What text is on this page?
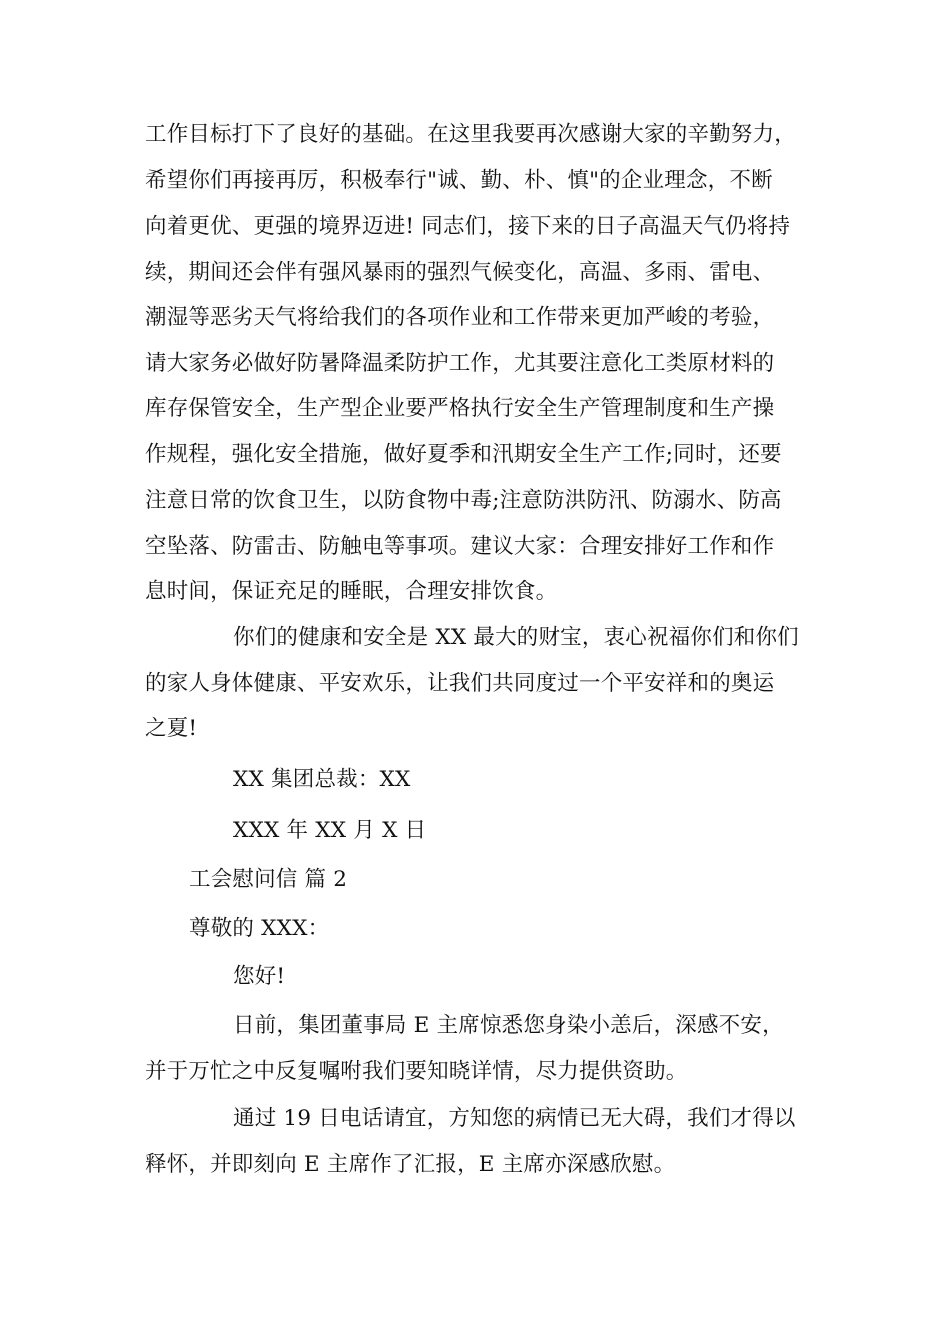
工作目标打下了良好的基础。在这里我要再次感谢大家的辛勤努力，
希望你们再接再厉，积极奉行"诚、勤、朴、慎"的企业理念，不断
向着更优、更强的境界迈进! 同志们，接下来的日子高温天气仍将持
续，期间还会伴有强风暴雨的强烈气候变化，高温、多雨、雷电、
潮湿等恶劣天气将给我们的各项作业和工作带来更加严峻的考验，
请大家务必做好防暑降温柔防护工作，尤其要注意化工类原材料的
库存保管安全，生产型企业要严格执行安全生产管理制度和生产操
作规程，强化安全措施，做好夏季和汛期安全生产工作;同时，还要
注意日常的饮食卫生，以防食物中毒;注意防洪防汛、防溺水、防高
空坠落、防雷击、防触电等事项。建议大家：合理安排好工作和作
息时间，保证充足的睡眠，合理安排饮食。
你们的健康和安全是 XX 最大的财宝，衷心祝福你们和你们
的家人身体健康、平安欢乐，让我们共同度过一个平安祥和的奥运
之夏!
XX 集团总裁：XX
XXX 年 XX 月 X 日
工会慰问信 篇 2
尊敬的 XXX：
您好!
日前，集团董事局 E 主席惊悉您身染小恙后，深感不安，
并于万忙之中反复嘱咐我们要知晓详情，尽力提供资助。
通过 19 日电话请宜，方知您的病情已无大碍，我们才得以
释怀，并即刻向 E 主席作了汇报，E 主席亦深感欣慰。
